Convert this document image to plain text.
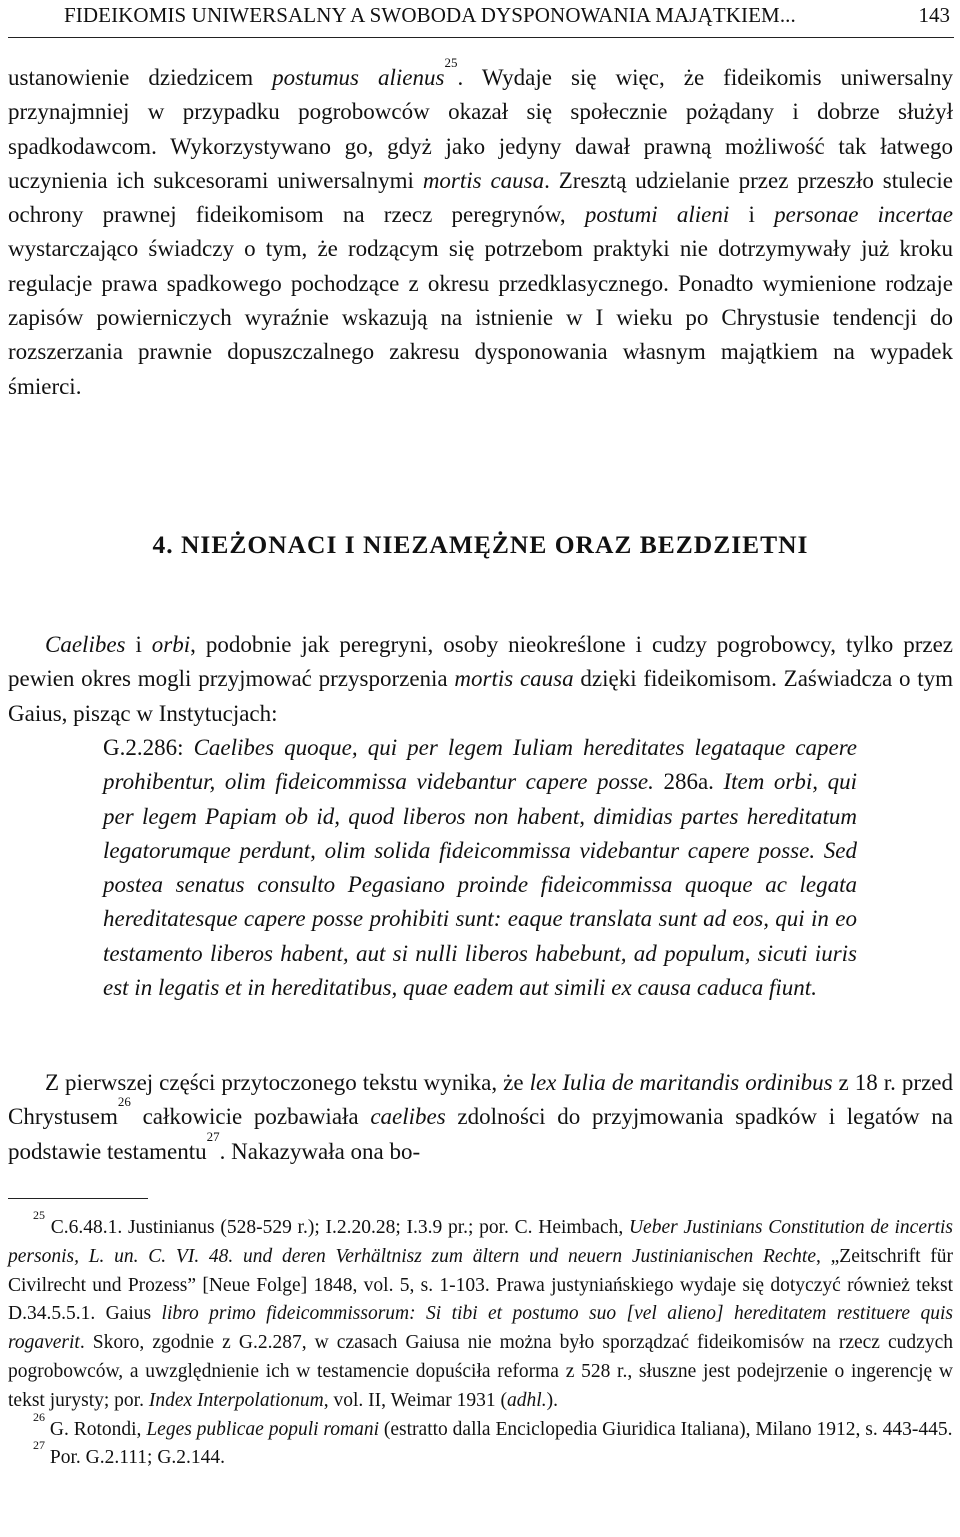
FIDEIKOMIS UNIWERSALNY A SWOBODA DYSPONOWANIA MAJĄTKIEM...	143

ustanowienie dziedzicem postumus alienus$^{25}$. Wydaje się więc, że fideikomis uniwersalny przynajmniej w przypadku pogrobowców okazał się społecznie pożądany i dobrze służył spadkodawcom. Wykorzystywano go, gdyż jako jedyny dawał prawną możliwość tak łatwego uczynienia ich sukcesorami uniwersalnymi mortis causa. Zresztą udzielanie przez przeszło stulecie ochrony prawnej fideikomisom na rzecz peregrynów, postumi alieni i personae incertae wystarczająco świadczy o tym, że rodzącym się potrzebom praktyki nie dotrzymywały już kroku regulacje prawa spadkowego pochodzące z okresu przedklasycznego. Ponadto wymienione rodzaje zapisów powierniczych wyraźnie wskazują na istnienie w I wieku po Chrystusie tendencji do rozszerzania prawnie dopuszczalnego zakresu dysponowania własnym majątkiem na wypadek śmierci.

4. NIEŻONACI I NIEZAMĘŻNE ORAZ BEZDZIETNI

Caelibes i orbi, podobnie jak peregryni, osoby nieokreślone i cudzy pogrobowcy, tylko przez pewien okres mogli przyjmować przysporzenia mortis causa dzięki fideikomisom. Zaświadcza o tym Gaius, pisząc w Instytucjach:

G.2.286: Caelibes quoque, qui per legem Iuliam hereditates legataque capere prohibentur, olim fideicommissa videbantur capere posse. 286a. Item orbi, qui per legem Papiam ob id, quod liberos non habent, dimidias partes hereditatum legatorumque perdunt, olim solida fideicommissa videbantur capere posse. Sed postea senatus consulto Pegasiano proinde fideicommissa quoque ac legata hereditatesque capere posse prohibiti sunt: eaque translata sunt ad eos, qui in eo testamento liberos habent, aut si nulli liberos habebunt, ad populum, sicuti iuris est in legatis et in hereditatibus, quae eadem aut simili ex causa caduca fiunt.

Z pierwszej części przytoczonego tekstu wynika, że lex Iulia de maritandis ordinibus z 18 r. przed Chrystusem$^{26}$ całkowicie pozbawiała caelibes zdolności do przyjmowania spadków i legatów na podstawie testamentu$^{27}$. Nakazywała ona bo-

$^{25}$ C.6.48.1. Justinianus (528-529 r.); I.2.20.28; I.3.9 pr.; por. C. Heimbach, Ueber Justinians Constitution de incertis personis, L. un. C. VI. 48. und deren Verhältnisz zum ältern und neuern Justinianischen Rechte, „Zeitschrift für Civilrecht und Prozess” [Neue Folge] 1848, vol. 5, s. 1-103. Prawa justyniańskiego wydaje się dotyczyć również tekst D.34.5.5.1. Gaius libro primo fideicommissorum: Si tibi et postumo suo [vel alieno] hereditatem restituere quis rogaverit. Skoro, zgodnie z G.2.287, w czasach Gaiusa nie można było sporządzać fideikomisów na rzecz cudzych pogrobowców, a uwzględnienie ich w testamencie dopuściła reforma z 528 r., słuszne jest podejrzenie o ingerencję w tekst jurysty; por. Index Interpolationum, vol. II, Weimar 1931 (adhl.).

$^{26}$ G. Rotondi, Leges publicae populi romani (estratto dalla Enciclopedia Giuridica Italiana), Milano 1912, s. 443-445.

$^{27}$ Por. G.2.111; G.2.144.
